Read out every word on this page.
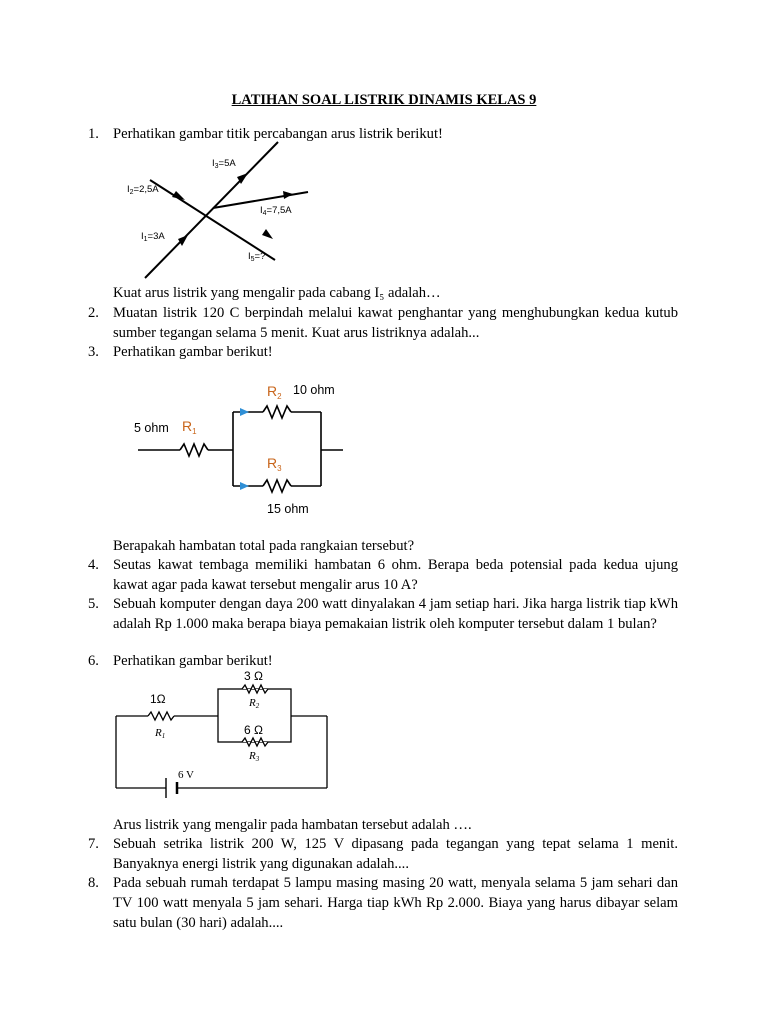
LATIHAN SOAL LISTRIK DINAMIS KELAS 9
1. Perhatikan gambar titik percabangan arus listrik berikut!
$I_3=5A$
$I_2=2,5A$
$I_4=7,5A$
$I_1=3A$
$I_5=$?
Kuat arus listrik yang mengalir pada cabang I₅ adalah…
2. Muatan listrik 120 C berpindah melalui kawat penghantar yang menghubungkan kedua kutub sumber tegangan selama 5 menit. Kuat arus listriknya adalah...
3. Perhatikan gambar berikut!
5 ohm $R_1$
$R_2$ 10 ohm
$R_3$
15 ohm
Berapakah hambatan total pada rangkaian tersebut?
4. Seutas kawat tembaga memiliki hambatan 6 ohm. Berapa beda potensial pada kedua ujung kawat agar pada kawat tersebut mengalir arus 10 A?
5. Sebuah komputer dengan daya 200 watt dinyalakan 4 jam setiap hari. Jika harga listrik tiap kWh adalah Rp 1.000 maka berapa biaya pemakaian listrik oleh komputer tersebut dalam 1 bulan?
6. Perhatikan gambar berikut!
1Ω
3 Ω
6 Ω
R1
R2
R3
6 V
Arus listrik yang mengalir pada hambatan tersebut adalah ….
7. Sebuah setrika listrik 200 W, 125 V dipasang pada tegangan yang tepat selama 1 menit. Banyaknya energi listrik yang digunakan adalah....
8. Pada sebuah rumah terdapat 5 lampu masing masing 20 watt, menyala selama 5 jam sehari dan TV 100 watt menyala 5 jam sehari. Harga tiap kWh Rp 2.000. Biaya yang harus dibayar selam satu bulan (30 hari) adalah....
